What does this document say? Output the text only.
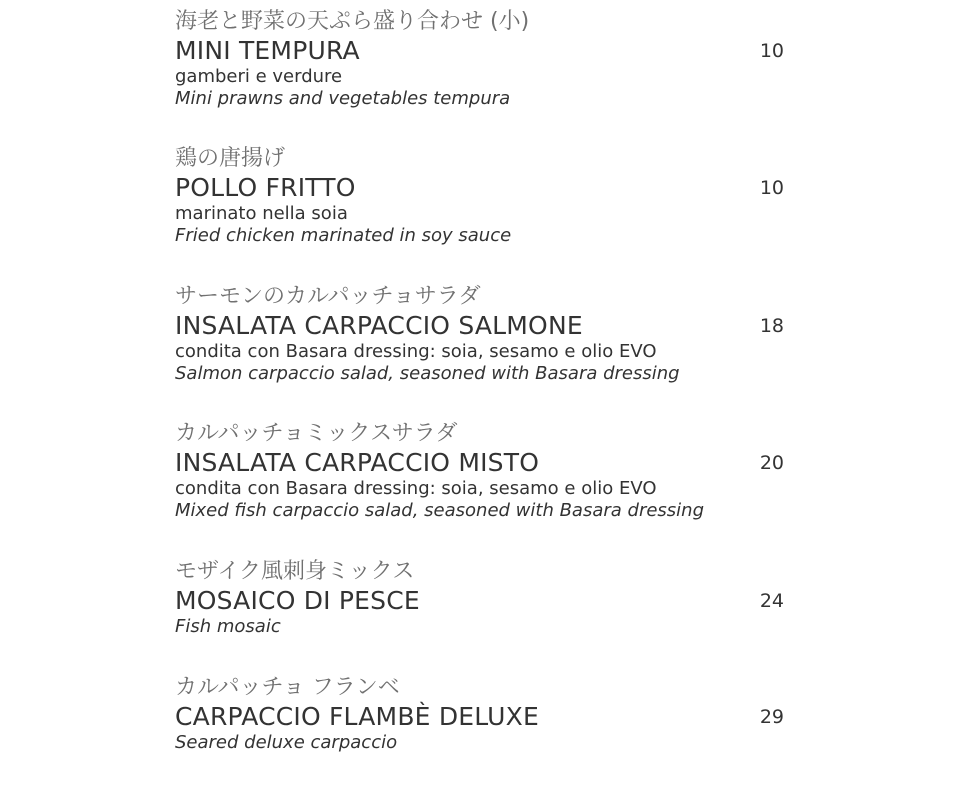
海老と野菜の天ぷら盛り合わせ (小)
MINI TEMPURA	10
gamberi e verdure
Mini prawns and vegetables tempura
鶏の唐揚げ
POLLO FRITTO	10
marinato nella soia
Fried chicken marinated in soy sauce
サーモンのカルパッチョサラダ
INSALATA CARPACCIO SALMONE	18
condita con Basara dressing: soia, sesamo e olio EVO
Salmon carpaccio salad, seasoned with Basara dressing
カルパッチョミックスサラダ
INSALATA CARPACCIO MISTO	20
condita con Basara dressing: soia, sesamo e olio EVO
Mixed fish carpaccio salad, seasoned with Basara dressing
モザイク風刺身ミックス
MOSAICO DI PESCE	24
Fish mosaic
カルパッチョ フランベ
CARPACCIO FLAMBÈ DELUXE	29
Seared deluxe carpaccio
